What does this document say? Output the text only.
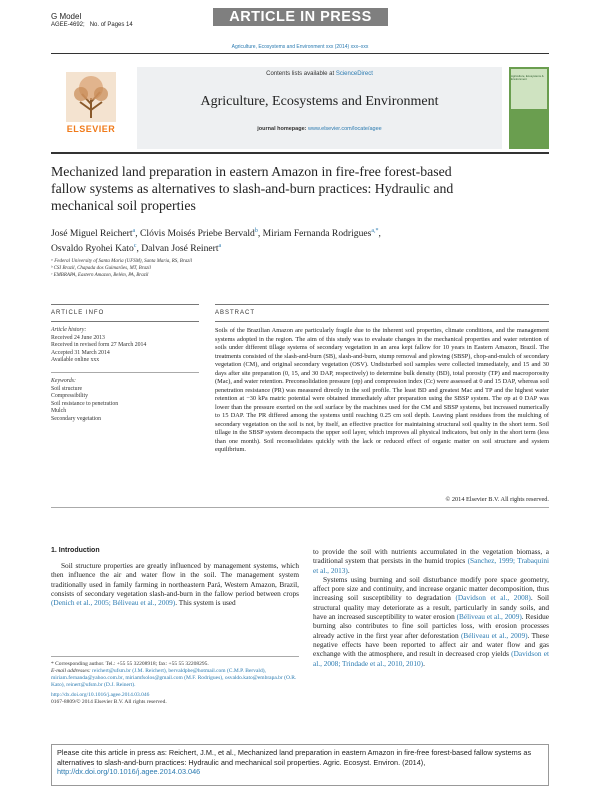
G Model
AGEE-4692; No. of Pages 14	ARTICLE IN PRESS
Agriculture, Ecosystems and Environment xxx (2014) xxx–xxx
ELSEVIER
Contents lists available at ScienceDirect
Agriculture, Ecosystems and Environment
journal homepage: www.elsevier.com/locate/agee
Agriculture, Ecosystems & Environment
Mechanized land preparation in eastern Amazon in fire-free forest-based fallow systems as alternatives to slash-and-burn practices: Hydraulic and mechanical soil properties
José Miguel Reichert$^a$, Clóvis Moisés Priebe Bervald$^b$, Miriam Fernanda Rodrigues$^{a,*}$,
Osvaldo Ryohei Kato$^c$, Dalvan José Reinert$^a$
ᵃ Federal University of Santa Maria (UFSM), Santa Maria, RS, Brazil
ᵇ CSI Brazil, Chapada dos Guimarães, MT, Brazil
ᶜ EMBRAPA, Eastern Amazon, Belém, PA, Brazil
ARTICLE INFO	ABSTRACT
Article history:
Received 24 June 2013
Received in revised form 27 March 2014
Accepted 31 March 2014
Available online xxx
Keywords:
Soil structure
Compressibility
Soil resistance to penetration
Mulch
Secondary vegetation
Soils of the Brazilian Amazon are particularly fragile due to the inherent soil properties, climate conditions, and the management systems adopted in the region. The aim of this study was to evaluate changes in the mechanical properties and water retention of soils under different tillage systems of secondary vegetation in an area kept fallow for 10 years in Eastern Amazon, Brazil. The treatments consisted of the slash-and-burn (SB), slash-and-burn, stump removal and plowing (SBSP), chop-and-mulch of secondary vegetation (CM), and original secondary vegetation (OSV). Undisturbed soil samples were collected immediately, and 15 and 30 days after site preparation (0, 15, and 30 DAP, respectively) to determine bulk density (BD), total porosity (TP) and macroporosity (Mac), and water retention. Preconsolidation pressure (σp) and compression index (Cc) were assessed at 0 and 15 DAP, whereas soil penetration resistance (PR) was measured directly in the soil profile. The least BD and greatest Mac and TP and the highest water retention at −30 kPa matric potential were obtained immediately after preparation using the SBSP system. The σp at 0 DAP was lower than the pressure exerted on the soil surface by the machines used for the CM and SBSP systems, but increased numerically to 15 DAP. The PR differed among the systems until reaching 0.25 cm soil depth. Leaving plant residues from the mulching of secondary vegetation on the soil is not, by itself, an effective practice for maintaining structural soil quality in the short term. Soil tillage in the SBSP system decompacts the upper soil layer, which improves all physical indicators, but only in the short term (less than one month). Soil reconsolidates quickly with the lack or reduced effect of organic matter on soil structure and system equilibrium.
© 2014 Elsevier B.V. All rights reserved.
1. Introduction
Soil structure properties are greatly influenced by management systems, which then influence the air and water flow in the soil. The management system traditionally used in family farming in northeastern Pará, Western Amazon, Brazil, consists of secondary vegetation slash-and-burn in the fallow period between crops (Denich et al., 2005; Béliveau et al., 2009). This system is used
to provide the soil with nutrients accumulated in the vegetation biomass, a traditional system that persists in the humid tropics (Sanchez, 1999; Trabaquini et al., 2013).
Systems using burning and soil disturbance modify pore space geometry, affect pore size and continuity, and increase organic matter decomposition, thus increasing soil susceptibility to degradation (Davidson et al., 2008). Soil structural quality may deteriorate as a result, particularly in sandy soils, and have an increased susceptibility to water erosion (Béliveau et al., 2009). Residue burning also contributes to fine soil particles loss, with erosion processes already active in the first year after deforestation (Béliveau et al., 2009). These negative effects have been reported to affect air and water flow and gas exchange with the atmosphere, and result in decreased crop yields (Davidson et al., 2008; Trindade et al., 2010, 2010).
* Corresponding author. Tel.: +55 55 32208918; fax: +55 55 32208295.
E-mail addresses: reichert@ufsm.br (J.M. Reichert), bervaldpbe@hotmail.com (C.M.P. Bervald), miriam.fernanda@yahoo.com.br, miriamfsolos@gmail.com (M.F. Rodrigues), osvaldo.kato@embrapa.br (O.R. Kato), reinert@ufsm.br (D.J. Reinert).
http://dx.doi.org/10.1016/j.agee.2014.03.046
0167-8809/© 2014 Elsevier B.V. All rights reserved.
Please cite this article in press as: Reichert, J.M., et al., Mechanized land preparation in eastern Amazon in fire-free forest-based fallow systems as alternatives to slash-and-burn practices: Hydraulic and mechanical soil properties. Agric. Ecosyst. Environ. (2014), http://dx.doi.org/10.1016/j.agee.2014.03.046
